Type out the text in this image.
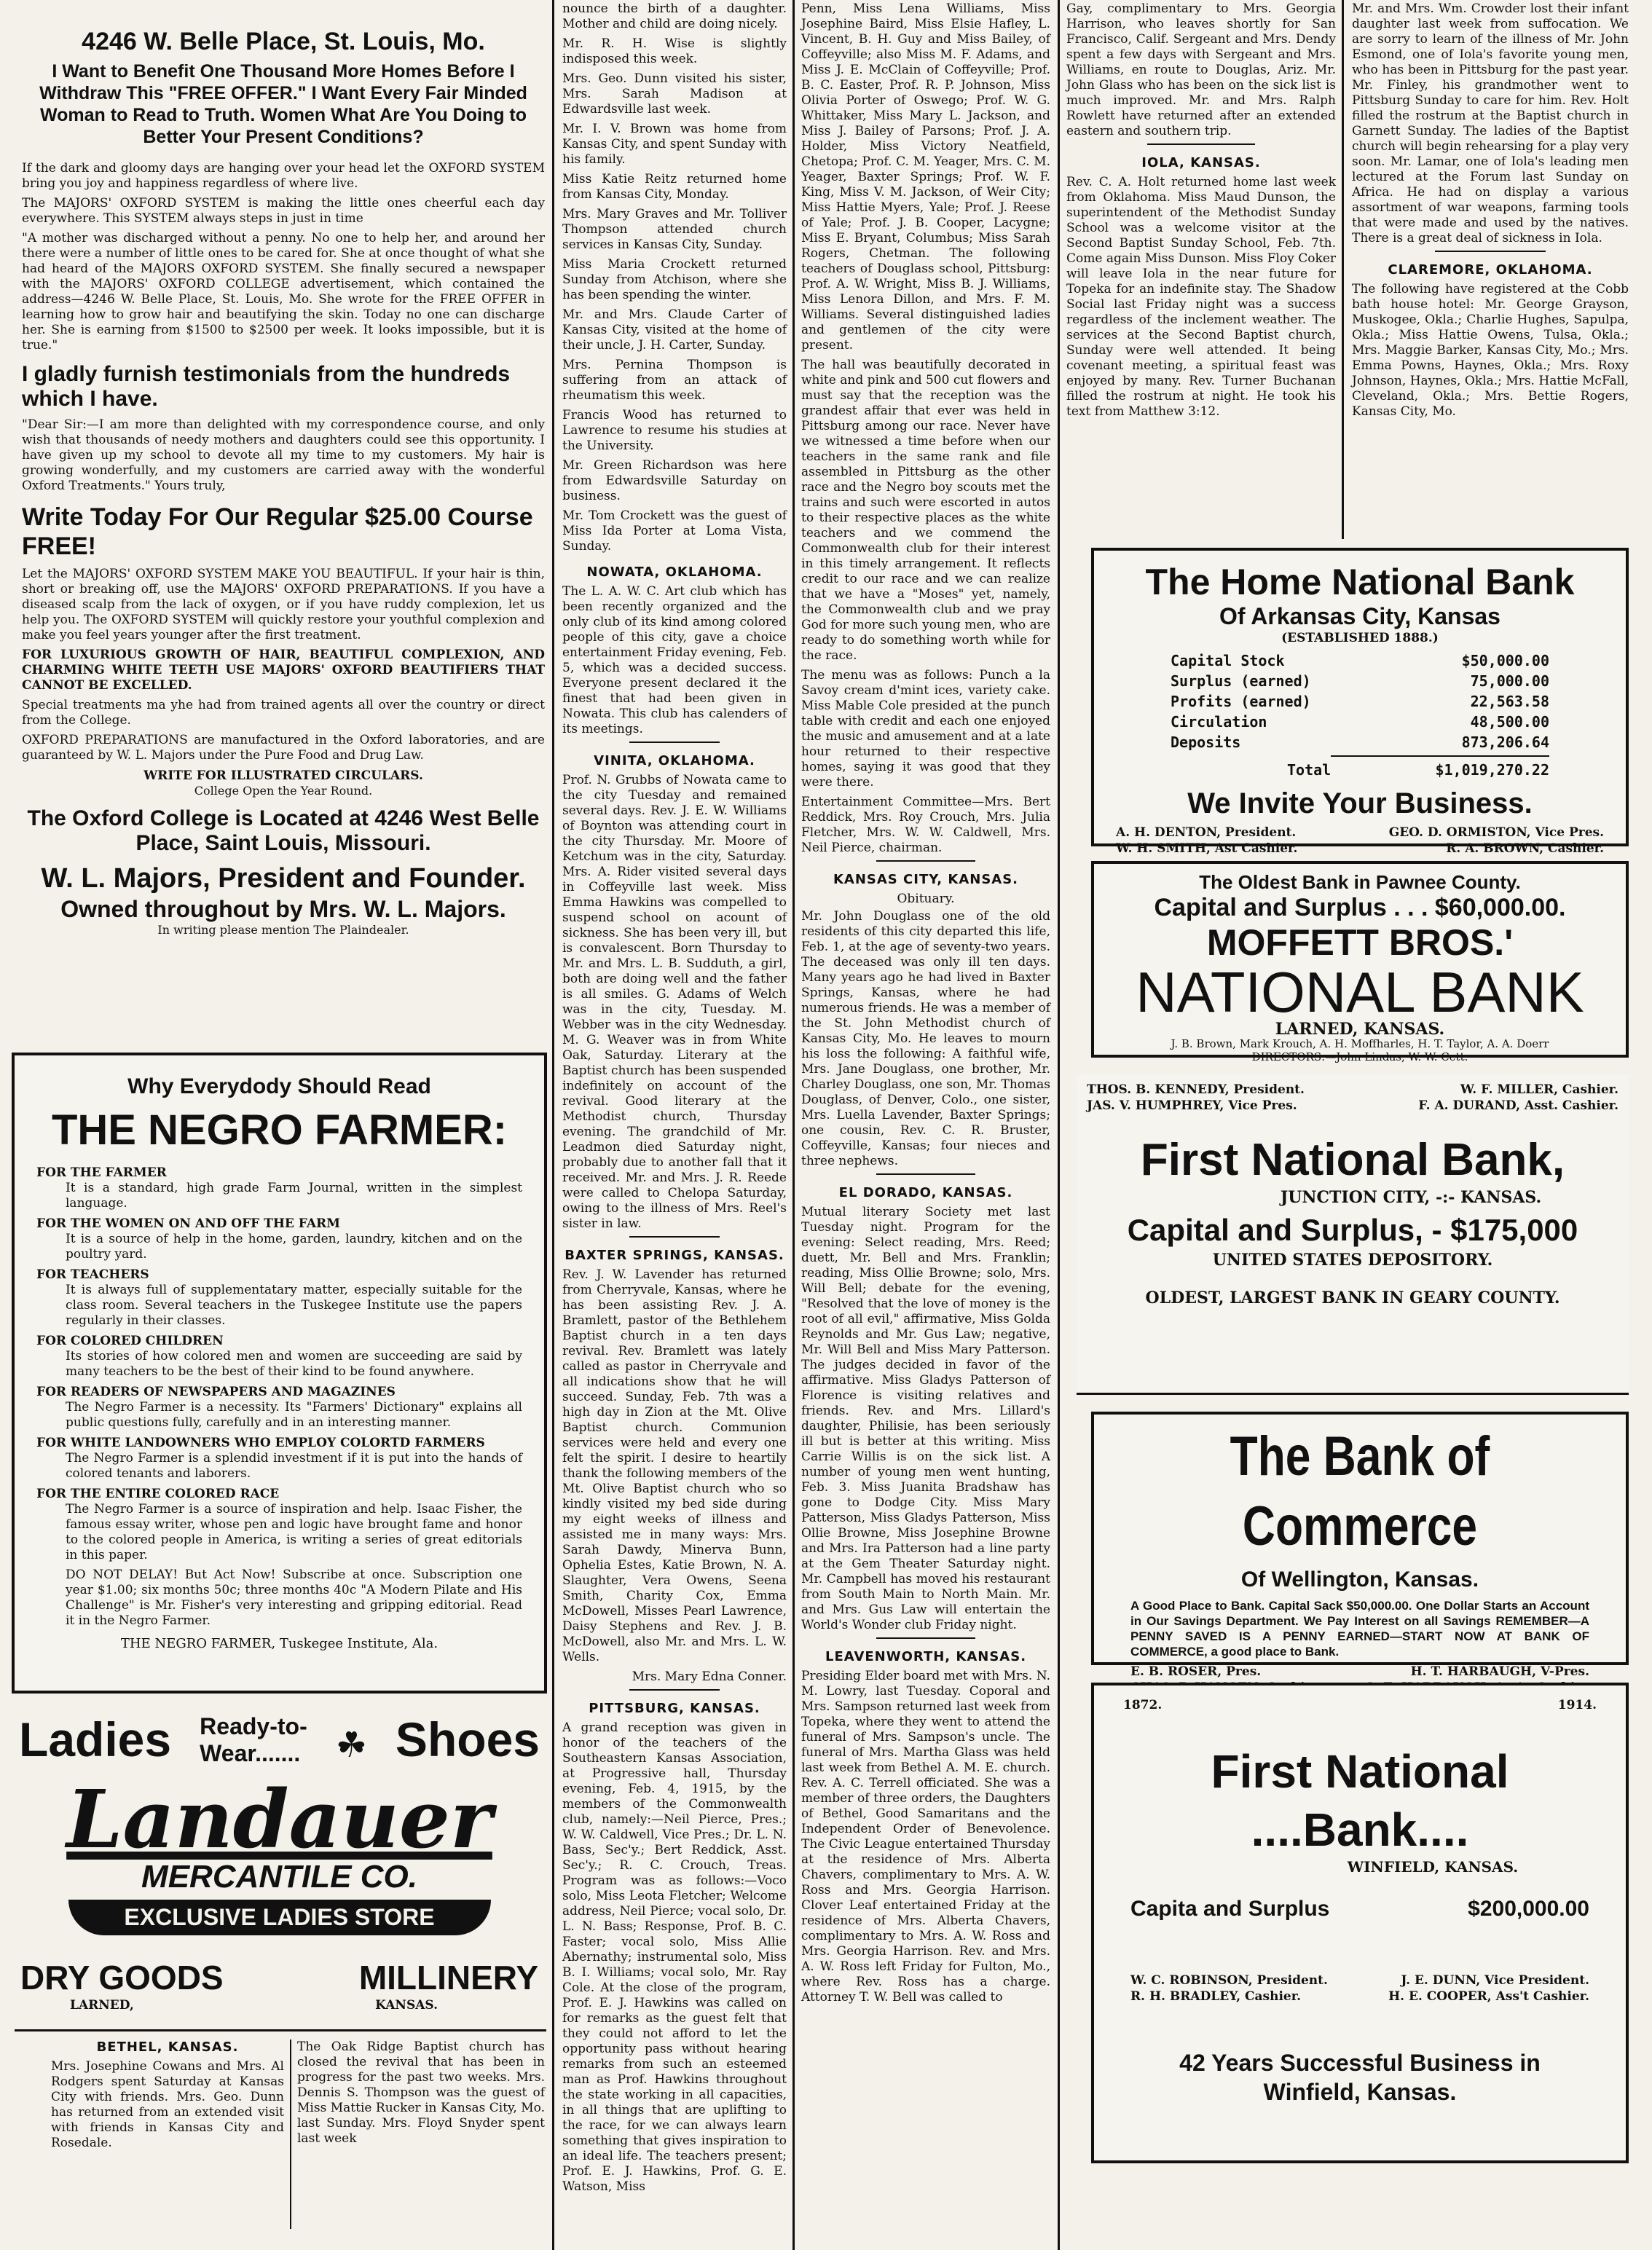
4246 W. Belle Place, St. Louis, Mo.
I Want to Benefit One Thousand More Homes Before I Withdraw This "FREE OFFER." I Want Every Fair Minded Woman to Read to Truth. Women What Are You Doing to Better Your Present Conditions?

If the dark and gloomy days are hanging over your head let the OXFORD SYSTEM bring you joy and happiness regardless of where live.

The MAJORS' OXFORD SYSTEM is making the little ones cheerful each day everywhere. This SYSTEM always steps in just in time

"A mother was discharged without a penny. No one to help her, and around her there were a number of little ones to be cared for. She at once thought of what she had heard of the MAJORS OXFORD SYSTEM. She finally secured a newspaper with the MAJORS' OXFORD COLLEGE advertisement, which contained the address—4246 W. Belle Place, St. Louis, Mo. She wrote for the FREE OFFER in learning how to grow hair and beautifying the skin. Today no one can discharge her. She is earning from $1500 to $2500 per week. It looks impossible, but it is true."

I gladly furnish testimonials from the hundreds which I have.

"Dear Sir:—I am more than delighted with my correspondence course, and only wish that thousands of needy mothers and daughters could see this opportunity. I have given up my school to devote all my time to my customers. My hair is growing wonderfully, and my customers are carried away with the wonderful Oxford Treatments." Yours truly,

Write Today For Our Regular $25.00 Course FREE!

Let the MAJORS' OXFORD SYSTEM MAKE YOU BEAUTIFUL. If your hair is thin, short or breaking off, use the MAJORS' OXFORD PREPARATIONS. If you have a diseased scalp from the lack of oxygen, or if you have ruddy complexion, let us help you. The OXFORD SYSTEM will quickly restore your youthful complexion and make you feel years younger after the first treatment.

FOR LUXURIOUS GROWTH OF HAIR, BEAUTIFUL COMPLEXION, AND CHARMING WHITE TEETH USE MAJORS' OXFORD BEAUTIFIERS THAT CANNOT BE EXCELLED.

Special treatments ma yhe had from trained agents all over the country or direct from the College.

OXFORD PREPARATIONS are manufactured in the Oxford laboratories, and are guaranteed by W. L. Majors under the Pure Food and Drug Law.

WRITE FOR ILLUSTRATED CIRCULARS.
College Open the Year Round.
The Oxford College is Located at 4246 West Belle Place, Saint Louis, Missouri.
W. L. Majors, President and Founder.
Owned throughout by Mrs. W. L. Majors.
In writing please mention The Plaindealer.
Why Everydody Should Read
THE NEGRO FARMER:
FOR THE FARMER

It is a standard, high grade Farm Journal, written in the simplest language.

FOR THE WOMEN ON AND OFF THE FARM

It is a source of help in the home, garden, laundry, kitchen and on the poultry yard.

FOR TEACHERS

It is always full of supplementatary matter, especially suitable for the class room. Several teachers in the Tuskegee Institute use the papers regularly in their classes.

FOR COLORED CHILDREN

Its stories of how colored men and women are succeeding are said by many teachers to be the best of their kind to be found anywhere.

FOR READERS OF NEWSPAPERS AND MAGAZINES

The Negro Farmer is a necessity. Its "Farmers' Dictionary" explains all public questions fully, carefully and in an interesting manner.

FOR WHITE LANDOWNERS WHO EMPLOY COLORTD FARMERS

The Negro Farmer is a splendid investment if it is put into the hands of colored tenants and laborers.

FOR THE ENTIRE COLORED RACE

The Negro Farmer is a source of inspiration and help. Isaac Fisher, the famous essay writer, whose pen and logic have brought fame and honor to the colored people in America, is writing a series of great editorials in this paper.

DO NOT DELAY! But Act Now! Subscribe at once. Subscription one year $1.00; six months 50c; three months 40c "A Modern Pilate and His Challenge" is Mr. Fisher's very interesting and gripping editorial. Read it in the Negro Farmer.

THE NEGRO FARMER, Tuskegee Institute, Ala.
Ladies Ready-to-
Wear....... ☘ Shoes
Landauer
MERCANTILE CO.
EXCLUSIVE LADIES STORE
DRY GOODS	MILLINERY
LARNED,	KANSAS.
BETHEL, KANSAS.

Mrs. Josephine Cowans and Mrs. Al Rodgers spent Saturday at Kansas City with friends. Mrs. Geo. Dunn has returned from an extended visit with friends in Kansas City and Rosedale.

The Oak Ridge Baptist church has closed the revival that has been in progress for the past two weeks. Mrs. Dennis S. Thompson was the guest of Miss Mattie Rucker in Kansas City, Mo. last Sunday. Mrs. Floyd Snyder spent last week

nounce the birth of a daughter. Mother and child are doing nicely.

Mr. R. H. Wise is slightly indisposed this week.

Mrs. Geo. Dunn visited his sister, Mrs. Sarah Madison at Edwardsville last week.

Mr. I. V. Brown was home from Kansas City, and spent Sunday with his family.

Miss Katie Reitz returned home from Kansas City, Monday.

Mrs. Mary Graves and Mr. Tolliver Thompson attended church services in Kansas City, Sunday.

Miss Maria Crockett returned Sunday from Atchison, where she has been spending the winter.

Mr. and Mrs. Claude Carter of Kansas City, visited at the home of their uncle, J. H. Carter, Sunday.

Mrs. Pernina Thompson is suffering from an attack of rheumatism this week.

Francis Wood has returned to Lawrence to resume his studies at the University.

Mr. Green Richardson was here from Edwardsville Saturday on business.

Mr. Tom Crockett was the guest of Miss Ida Porter at Loma Vista, Sunday.

NOWATA, OKLAHOMA.

The L. A. W. C. Art club which has been recently organized and the only club of its kind among colored people of this city, gave a choice entertainment Friday evening, Feb. 5, which was a decided success. Everyone present declared it the finest that had been given in Nowata. This club has calenders of its meetings.

VINITA, OKLAHOMA.

Prof. N. Grubbs of Nowata came to the city Tuesday and remained several days. Rev. J. E. W. Williams of Boynton was attending court in the city Thursday. Mr. Moore of Ketchum was in the city, Saturday. Mrs. A. Rider visited several days in Coffeyville last week. Miss Emma Hawkins was compelled to suspend school on acount of sickness. She has been very ill, but is convalescent. Born Thursday to Mr. and Mrs. L. B. Sudduth, a girl, both are doing well and the father is all smiles. G. Adams of Welch was in the city, Tuesday. M. Webber was in the city Wednesday. M. G. Weaver was in from White Oak, Saturday. Literary at the Baptist church has been suspended indefinitely on account of the revival. Good literary at the Methodist church, Thursday evening. The grandchild of Mr. Leadmon died Saturday night, probably due to another fall that it received. Mr. and Mrs. J. R. Reede were called to Chelopa Saturday, owing to the illness of Mrs. Reel's sister in law.

BAXTER SPRINGS, KANSAS.

Rev. J. W. Lavender has returned from Cherryvale, Kansas, where he has been assisting Rev. J. A. Bramlett, pastor of the Bethlehem Baptist church in a ten days revival. Rev. Bramlett was lately called as pastor in Cherryvale and all indications show that he will succeed. Sunday, Feb. 7th was a high day in Zion at the Mt. Olive Baptist church. Communion services were held and every one felt the spirit. I desire to heartily thank the following members of the Mt. Olive Baptist church who so kindly visited my bed side during my eight weeks of illness and assisted me in many ways: Mrs. Sarah Dawdy, Minerva Bunn, Ophelia Estes, Katie Brown, N. A. Slaughter, Vera Owens, Seena Smith, Charity Cox, Emma McDowell, Misses Pearl Lawrence, Daisy Stephens and Rev. J. B. McDowell, also Mr. and Mrs. L. W. Wells.

Mrs. Mary Edna Conner.

PITTSBURG, KANSAS.

A grand reception was given in honor of the teachers of the Southeastern Kansas Association, at Progressive hall, Thursday evening, Feb. 4, 1915, by the members of the Commonwealth club, namely:—Neil Pierce, Pres.; W. W. Caldwell, Vice Pres.; Dr. L. N. Bass, Sec'y.; Bert Reddick, Asst. Sec'y.; R. C. Crouch, Treas. Program was as follows:—Voco solo, Miss Leota Fletcher; Welcome address, Neil Pierce; vocal solo, Dr. L. N. Bass; Response, Prof. B. C. Faster; vocal solo, Miss Allie Abernathy; instrumental solo, Miss B. I. Williams; vocal solo, Mr. Ray Cole. At the close of the program, Prof. E. J. Hawkins was called on for remarks as the guest felt that they could not afford to let the opportunity pass without hearing remarks from such an esteemed man as Prof. Hawkins throughout the state working in all capacities, in all things that are uplifting to the race, for we can always learn something that gives inspiration to an ideal life. The teachers present; Prof. E. J. Hawkins, Prof. G. E. Watson, Miss

Penn, Miss Lena Williams, Miss Josephine Baird, Miss Elsie Hafley, L. Vincent, B. H. Guy and Miss Bailey, of Coffeyville; also Miss M. F. Adams, and Miss J. E. McClain of Coffeyville; Prof. B. C. Easter, Prof. R. P. Johnson, Miss Olivia Porter of Oswego; Prof. W. G. Whittaker, Miss Mary L. Jackson, and Miss J. Bailey of Parsons; Prof. J. A. Holder, Miss Victory Neatfield, Chetopa; Prof. C. M. Yeager, Mrs. C. M. Yeager, Baxter Springs; Prof. W. F. King, Miss V. M. Jackson, of Weir City; Miss Hattie Myers, Yale; Prof. J. Reese of Yale; Prof. J. B. Cooper, Lacygne; Miss E. Bryant, Columbus; Miss Sarah Rogers, Chetman. The following teachers of Douglass school, Pittsburg: Prof. A. W. Wright, Miss B. J. Williams, Miss Lenora Dillon, and Mrs. F. M. Williams. Several distinguished ladies and gentlemen of the city were present.

The hall was beautifully decorated in white and pink and 500 cut flowers and must say that the reception was the grandest affair that ever was held in Pittsburg among our race. Never have we witnessed a time before when our teachers in the same rank and file assembled in Pittsburg as the other race and the Negro boy scouts met the trains and such were escorted in autos to their respective places as the white teachers and we commend the Commonwealth club for their interest in this timely arrangement. It reflects credit to our race and we can realize that we have a "Moses" yet, namely, the Commonwealth club and we pray God for more such young men, who are ready to do something worth while for the race.

The menu was as follows: Punch a la Savoy cream d'mint ices, variety cake. Miss Mable Cole presided at the punch table with credit and each one enjoyed the music and amusement and at a late hour returned to their respective homes, saying it was good that they were there.

Entertainment Committee—Mrs. Bert Reddick, Mrs. Roy Crouch, Mrs. Julia Fletcher, Mrs. W. W. Caldwell, Mrs. Neil Pierce, chairman.

KANSAS CITY, KANSAS.
Obituary.

Mr. John Douglass one of the old residents of this city departed this life, Feb. 1, at the age of seventy-two years. The deceased was only ill ten days. Many years ago he had lived in Baxter Springs, Kansas, where he had numerous friends. He was a member of the St. John Methodist church of Kansas City, Mo. He leaves to mourn his loss the following: A faithful wife, Mrs. Jane Douglass, one brother, Mr. Charley Douglass, one son, Mr. Thomas Douglass, of Denver, Colo., one sister, Mrs. Luella Lavender, Baxter Springs; one cousin, Rev. C. R. Bruster, Coffeyville, Kansas; four nieces and three nephews.

EL DORADO, KANSAS.

Mutual literary Society met last Tuesday night. Program for the evening: Select reading, Mrs. Reed; duett, Mr. Bell and Mrs. Franklin; reading, Miss Ollie Browne; solo, Mrs. Will Bell; debate for the evening, "Resolved that the love of money is the root of all evil," affirmative, Miss Golda Reynolds and Mr. Gus Law; negative, Mr. Will Bell and Miss Mary Patterson. The judges decided in favor of the affirmative. Miss Gladys Patterson of Florence is visiting relatives and friends. Rev. and Mrs. Lillard's daughter, Philisie, has been seriously ill but is better at this writing. Miss Carrie Willis is on the sick list. A number of young men went hunting, Feb. 3. Miss Juanita Bradshaw has gone to Dodge City. Miss Mary Patterson, Miss Gladys Patterson, Miss Ollie Browne, Miss Josephine Browne and Mrs. Ira Patterson had a line party at the Gem Theater Saturday night. Mr. Campbell has moved his restaurant from South Main to North Main. Mr. and Mrs. Gus Law will entertain the World's Wonder club Friday night.

LEAVENWORTH, KANSAS.

Presiding Elder board met with Mrs. N. M. Lowry, last Tuesday. Coporal and Mrs. Sampson returned last week from Topeka, where they went to attend the funeral of Mrs. Sampson's uncle. The funeral of Mrs. Martha Glass was held last week from Bethel A. M. E. church. Rev. A. C. Terrell officiated. She was a member of three orders, the Daughters of Bethel, Good Samaritans and the Independent Order of Benevolence. The Civic League entertained Thursday at the residence of Mrs. Alberta Chavers, complimentary to Mrs. A. W. Ross and Mrs. Georgia Harrison. Clover Leaf entertained Friday at the residence of Mrs. Alberta Chavers, complimentary to Mrs. A. W. Ross and Mrs. Georgia Harrison. Rev. and Mrs. A. W. Ross left Friday for Fulton, Mo., where Rev. Ross has a charge. Attorney T. W. Bell was called to

Gay, complimentary to Mrs. Georgia Harrison, who leaves shortly for San Francisco, Calif. Sergeant and Mrs. Dendy spent a few days with Sergeant and Mrs. Williams, en route to Douglas, Ariz. Mr. John Glass who has been on the sick list is much improved. Mr. and Mrs. Ralph Rowlett have returned after an extended eastern and southern trip.

IOLA, KANSAS.

Rev. C. A. Holt returned home last week from Oklahoma. Miss Maud Dunson, the superintendent of the Methodist Sunday School was a welcome visitor at the Second Baptist Sunday School, Feb. 7th. Come again Miss Dunson. Miss Floy Coker will leave Iola in the near future for Topeka for an indefinite stay. The Shadow Social last Friday night was a success regardless of the inclement weather. The services at the Second Baptist church, Sunday were well attended. It being covenant meeting, a spiritual feast was enjoyed by many. Rev. Turner Buchanan filled the rostrum at night. He took his text from Matthew 3:12.

Mr. and Mrs. Wm. Crowder lost their infant daughter last week from suffocation. We are sorry to learn of the illness of Mr. John Esmond, one of Iola's favorite young men, who has been in Pittsburg for the past year. Mr. Finley, his grandmother went to Pittsburg Sunday to care for him. Rev. Holt filled the rostrum at the Baptist church in Garnett Sunday. The ladies of the Baptist church will begin rehearsing for a play very soon. Mr. Lamar, one of Iola's leading men lectured at the Forum last Sunday on Africa. He had on display a various assortment of war weapons, farming tools that were made and used by the natives. There is a great deal of sickness in Iola.

CLAREMORE, OKLAHOMA.

The following have registered at the Cobb bath house hotel: Mr. George Grayson, Muskogee, Okla.; Charlie Hughes, Sapulpa, Okla.; Miss Hattie Owens, Tulsa, Okla.; Mrs. Maggie Barker, Kansas City, Mo.; Mrs. Emma Powns, Haynes, Okla.; Mrs. Roxy Johnson, Haynes, Okla.; Mrs. Hattie McFall, Cleveland, Okla.; Mrs. Bettie Rogers, Kansas City, Mo.

The Home National Bank
Of Arkansas City, Kansas
(ESTABLISHED 1888.)
Capital Stock	$50,000.00
Surplus (earned)	75,000.00
Profits (earned)	22,563.58
Circulation	48,500.00
Deposits	873,206.64
Total	$1,019,270.22
We Invite Your Business.
A. H. DENTON, President.	GEO. D. ORMISTON, Vice Pres.
W. H. SMITH, Ast Cashier.	R. A. BROWN, Cashier.
The Oldest Bank in Pawnee County.
Capital and Surplus . . . $60,000.00.
MOFFETT BROS.'
NATIONAL BANK
LARNED, KANSAS.
J. B. Brown, Mark Krouch, A. H. Moffharles, H. T. Taylor, A. A. Doerr
DIRECTORS:—John Lindas, W. W. Cett.
THOS. B. KENNEDY, President.	W. F. MILLER, Cashier.
JAS. V. HUMPHREY, Vice Pres.	F. A. DURAND, Asst. Cashier.
First National Bank,
JUNCTION CITY, -:- KANSAS.
Capital and Surplus, - $175,000
UNITED STATES DEPOSITORY.
OLDEST, LARGEST BANK IN GEARY COUNTY.
The Bank of Commerce
Of Wellington, Kansas.

A Good Place to Bank. Capital Sack $50,000.00. One Dollar Starts an Account in Our Savings Department. We Pay Interest on all Savings REMEMBER—A PENNY SAVED IS A PENNY EARNED—START NOW AT BANK OF COMMERCE, a good place to Bank.

E. B. ROSER, Pres.	H. T. HARBAUGH, V-Pres.
1872.	1914.
First National
....Bank....
WINFIELD, KANSAS.
Capita and Surplus	$200,000.00
W. C. ROBINSON, President.	J. E. DUNN, Vice President.
R. H. BRADLEY, Cashier.	H. E. COOPER, Ass't Cashier.
42 Years Successful Business in Winfield, Kansas.
